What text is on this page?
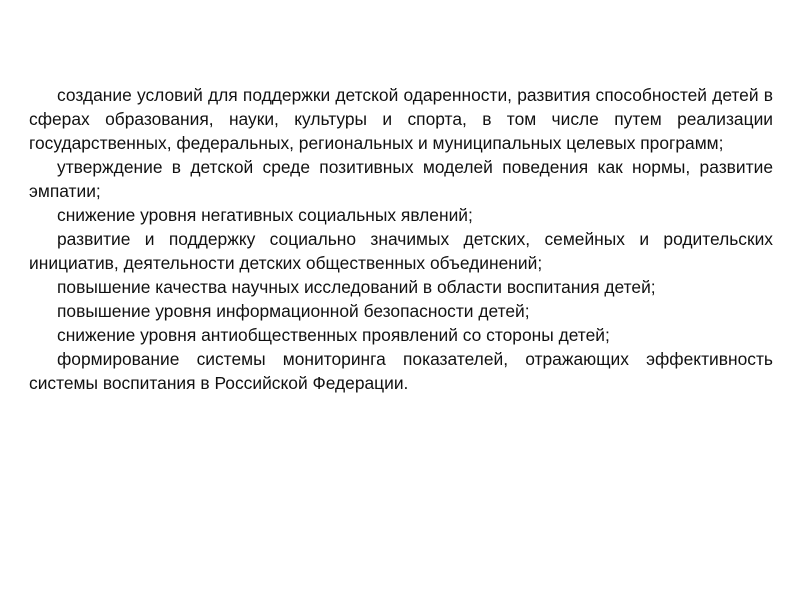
создание условий для поддержки детской одаренности, развития способностей детей в сферах образования, науки, культуры и спорта, в том числе путем реализации государственных, федеральных, региональных и муниципальных целевых программ;

утверждение в детской среде позитивных моделей поведения как нормы, развитие эмпатии;

снижение уровня негативных социальных явлений;

развитие и поддержку социально значимых детских, семейных и родительских инициатив, деятельности детских общественных объединений;

повышение качества научных исследований в области воспитания детей;

повышение уровня информационной безопасности детей;

снижение уровня антиобщественных проявлений со стороны детей;

формирование системы мониторинга показателей, отражающих эффективность системы воспитания в Российской Федерации.
